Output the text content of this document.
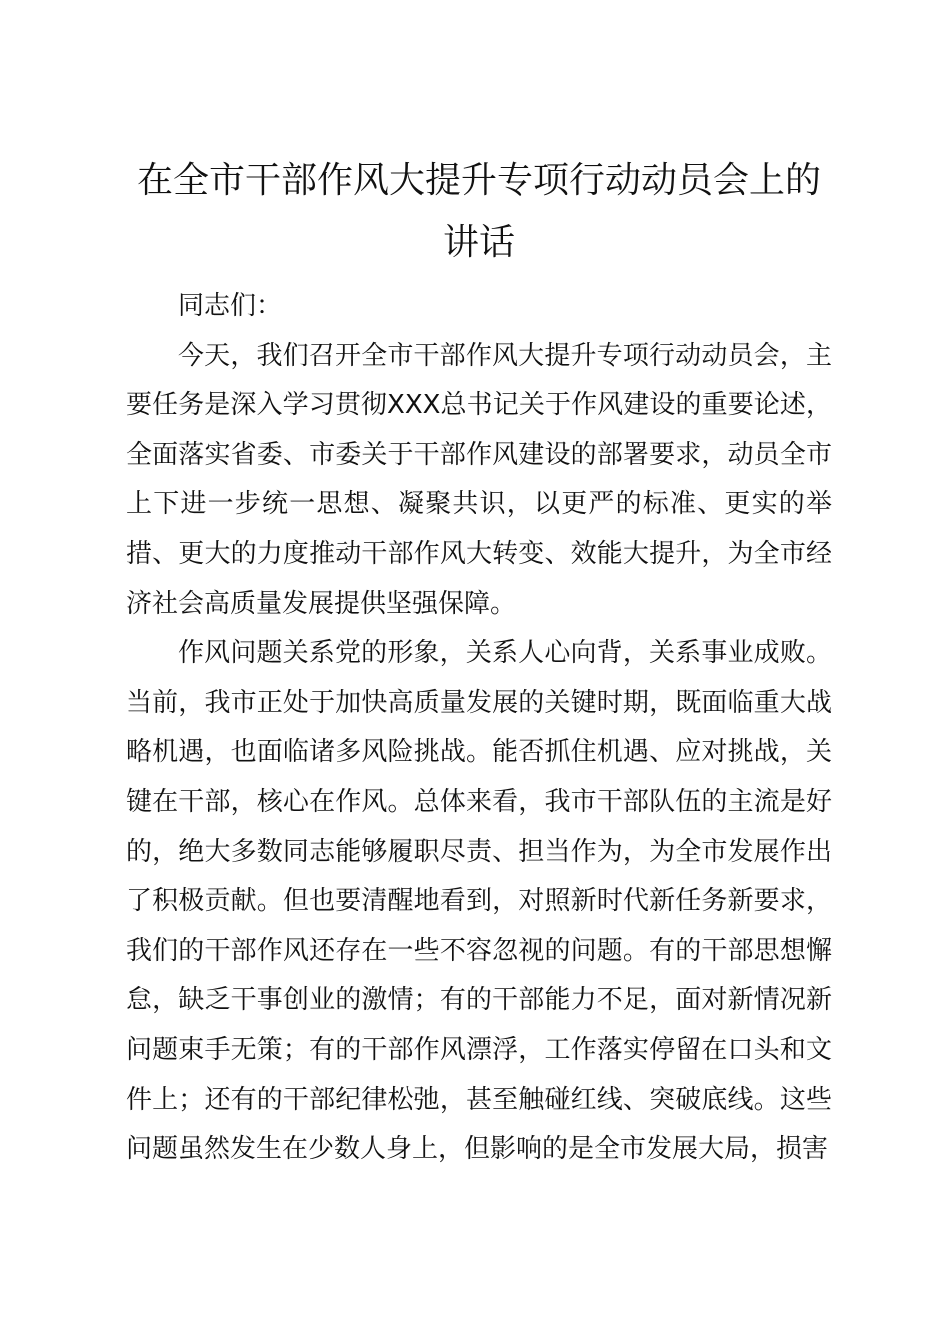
在全市干部作风大提升专项行动动员会上的讲话

同志们：

今天，我们召开全市干部作风大提升专项行动动员会，主要任务是深入学习贯彻XXX总书记关于作风建设的重要论述，全面落实省委、市委关于干部作风建设的部署要求，动员全市上下进一步统一思想、凝聚共识，以更严的标准、更实的举措、更大的力度推动干部作风大转变、效能大提升，为全市经济社会高质量发展提供坚强保障。

作风问题关系党的形象，关系人心向背，关系事业成败。当前，我市正处于加快高质量发展的关键时期，既面临重大战略机遇，也面临诸多风险挑战。能否抓住机遇、应对挑战，关键在干部，核心在作风。总体来看，我市干部队伍的主流是好的，绝大多数同志能够履职尽责、担当作为，为全市发展作出了积极贡献。但也要清醒地看到，对照新时代新任务新要求，我们的干部作风还存在一些不容忽视的问题。有的干部思想懈怠，缺乏干事创业的激情；有的干部能力不足，面对新情况新问题束手无策；有的干部作风漂浮，工作落实停留在口头和文件上；还有的干部纪律松弛，甚至触碰红线、突破底线。这些问题虽然发生在少数人身上，但影响的是全市发展大局，损害
